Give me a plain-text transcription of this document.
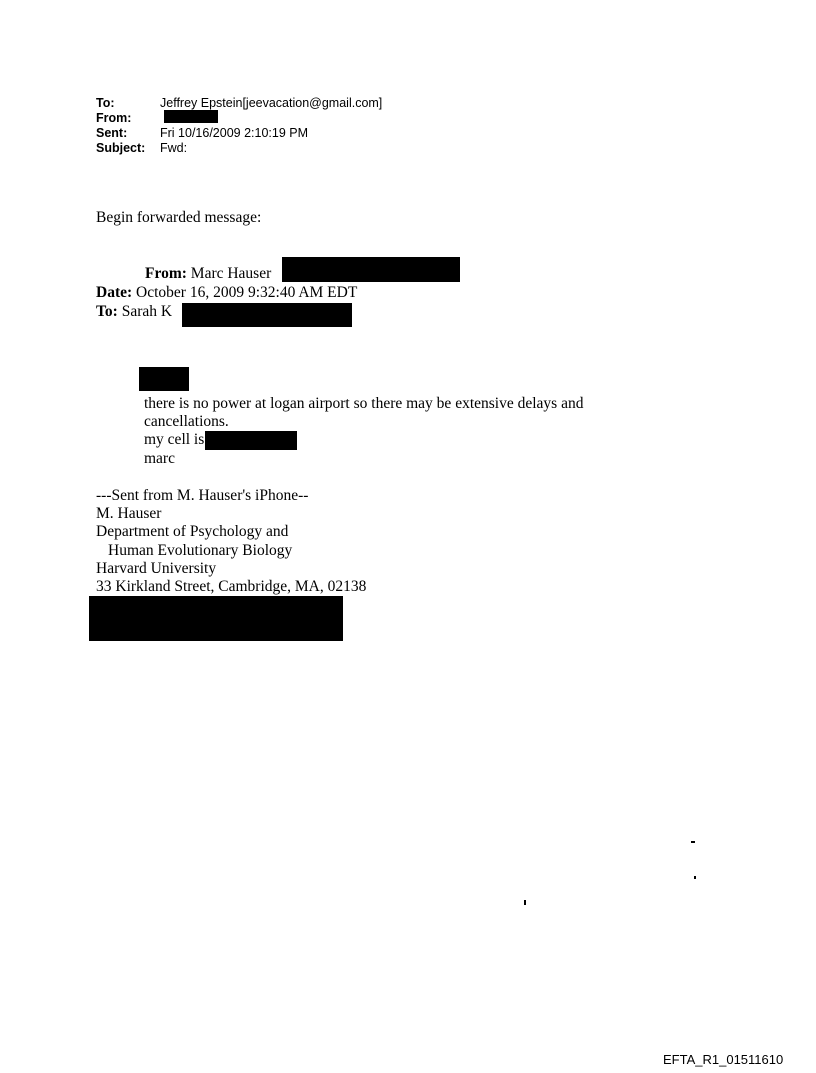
To:	Jeffrey Epstein[jeevacation@gmail.com]
From:
Sent:	Fri 10/16/2009 2:10:19 PM
Subject: Fwd:
Begin forwarded message:
From: Marc Hauser
Date: October 16, 2009 9:32:40 AM EDT
To: Sarah K
there is no power at logan airport so there may be extensive delays and
cancellations.
my cell is
marc
---Sent from M. Hauser's iPhone--
M. Hauser
Department of Psychology and
Human Evolutionary Biology
Harvard University
33 Kirkland Street, Cambridge, MA, 02138
EFTA_R1_01511610
